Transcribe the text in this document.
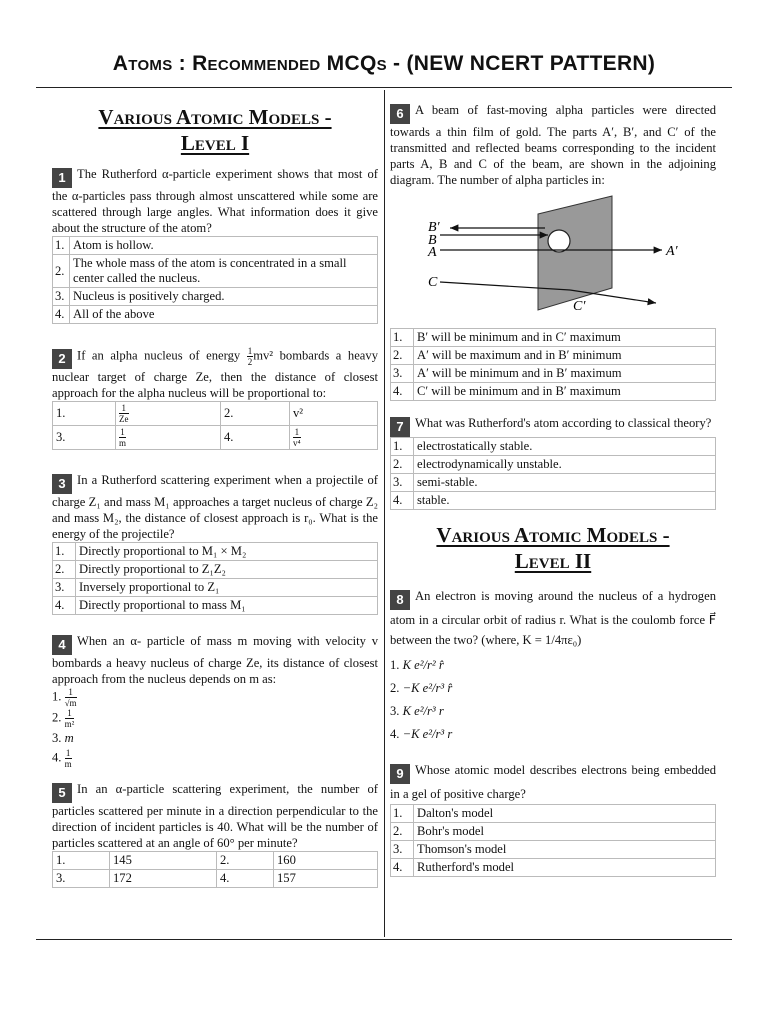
Atoms : Recommended MCQs - (NEW NCERT PATTERN)
Various Atomic Models -
Level I

1 The Rutherford α-particle experiment shows that most of the α-particles pass through almost unscattered while some are scattered through large angles. What information does it give about the structure of the atom?

1.	Atom is hollow.
2.	The whole mass of the atom is concentrated in a small center called the nucleus.
3.	Nucleus is positively charged.
4.	All of the above

2 If an alpha nucleus of energy $\frac{1}{2} mv^2$ bombards a heavy nuclear target of charge Ze, then the distance of closest approach for the alpha nucleus will be proportional to:

1.	$\frac{1}{Ze}$	2.	v²
3.	$\frac{1}{m}$	4.	$\frac{1}{\text{v⁴}}$

3 In a Rutherford scattering experiment when a projectile of charge Z₁ and mass M₁ approaches a target nucleus of charge Z₂ and mass M₂, the distance of closest approach is r₀. What is the energy of the projectile?

1.	Directly proportional to M₁ × M₂
2.	Directly proportional to Z₁Z₂
3.	Inversely proportional to Z₁
4.	Directly proportional to mass M₁

4 When an α- particle of mass m moving with velocity v bombards a heavy nucleus of charge Ze, its distance of closest approach from the nucleus depends on m as:

1. $\frac{1}{√m}$
2. $\frac{1}{\text{m²}}$
3. m
4. $\frac{1}{m}$

5 In an α-particle scattering experiment, the number of particles scattered per minute in a direction perpendicular to the direction of incident particles is 40. What will be the number of particles scattered at an angle of 60° per minute?

1.	145	2.	160
3.	172	4.	157

6 A beam of fast-moving alpha particles were directed towards a thin film of gold. The parts A′, B′, and C′ of the transmitted and reflected beams corresponding to the incident parts A, B and C of the beam, are shown in the adjoining diagram. The number of alpha particles in:

B′
B
A
C
A′
C′
1.	B′ will be minimum and in C′ maximum
2.	A′ will be maximum and in B′ minimum
3.	A′ will be minimum and in B′ maximum
4.	C′ will be minimum and in B′ maximum

7 What was Rutherford's atom according to classical theory?

1.	electrostatically stable.
2.	electrodynamically unstable.
3.	semi-stable.
4.	stable.
Various Atomic Models -
Level II

8 An electron is moving around the nucleus of a hydrogen atom in a circular orbit of radius r. What is the coulomb force F⃗ between the two? (where, K = 1/4πε₀)

1. K e²/r² r̂
2. −K e²/r³ r̂
3. K e²/r³ r⃗
4. −K e²/r³ r⃗

9 Whose atomic model describes electrons being embedded in a gel of positive charge?

1.	Dalton's model
2.	Bohr's model
3.	Thomson's model
4.	Rutherford's model
